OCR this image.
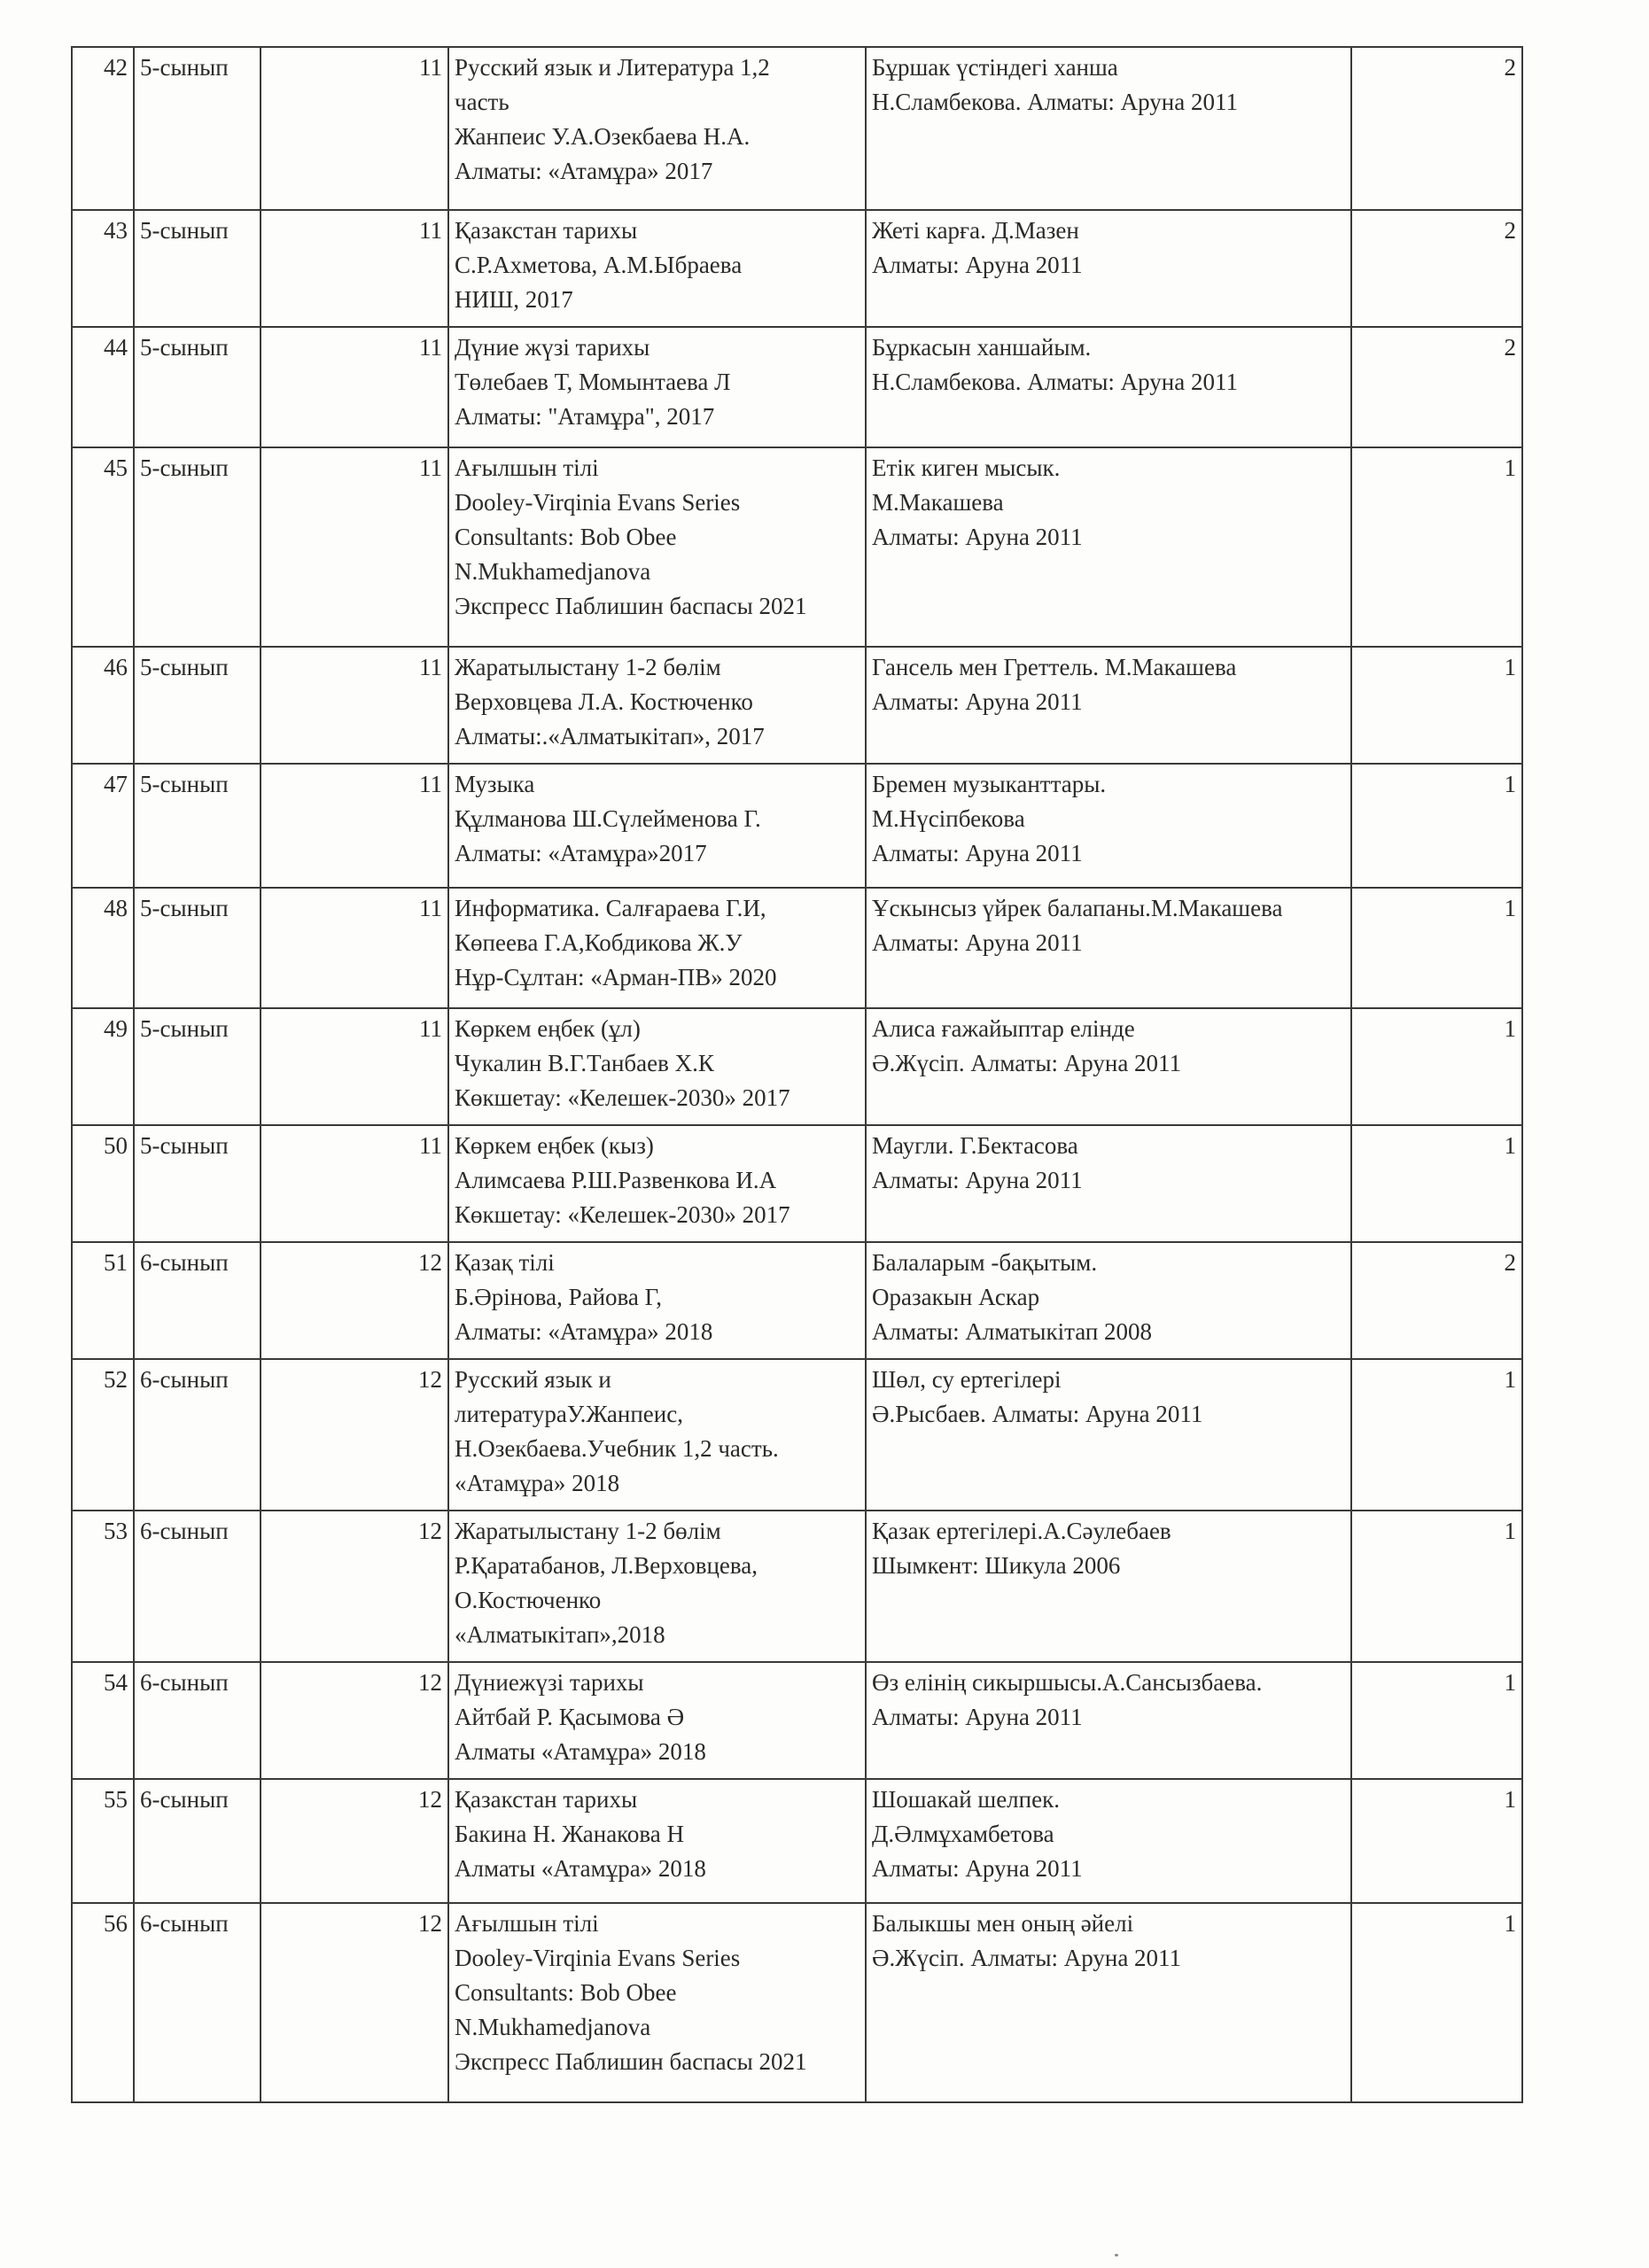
42	5-сынып	11	Русский язык и Литература 1,2
часть
Жанпеис У.А.Озекбаева Н.А.
Алматы: «Атамұра» 2017	Бұршак үстіндегі ханша
Н.Сламбекова. Алматы: Аруна 2011	2
43	5-сынып	11	Қазакстан тарихы
С.Р.Ахметова, А.М.Ыбраева
НИШ, 2017	Жеті карға. Д.Мазен
Алматы: Аруна 2011	2
44	5-сынып	11	Дүние жүзі тарихы
Төлебаев Т, Момынтаева Л
Алматы: "Атамұра", 2017	Бұркасын ханшайым.
Н.Сламбекова. Алматы: Аруна 2011	2
45	5-сынып	11	Ағылшын тілі
Dooley-Virqinia Evans Series
Consultants: Bob Obee
N.Mukhamedjanova
Экспресс Паблишин баспасы 2021	Етік киген мысык.
М.Макашева
Алматы: Аруна 2011	1
46	5-сынып	11	Жаратылыстану 1-2 бөлім
Верховцева Л.А. Костюченко
Алматы:.«Алматыкітап», 2017	Гансель мен Греттель. М.Макашева
Алматы: Аруна 2011	1
47	5-сынып	11	Музыка
Құлманова Ш.Сүлейменова Г.
Алматы: «Атамұра»2017	Бремен музыканттары.
М.Нүсіпбекова
Алматы: Аруна 2011	1
48	5-сынып	11	Информатика. Салғараева Г.И,
Көпеева Г.А,Кобдикова Ж.У
Нұр-Сұлтан: «Арман-ПВ» 2020	Ұскынсыз үйрек балапаны.М.Макашева
Алматы: Аруна 2011	1
49	5-сынып	11	Көркем еңбек (ұл)
Чукалин В.Г.Танбаев Х.К
Көкшетау: «Келешек-2030» 2017	Алиса ғажайыптар елінде
Ә.Жүсіп. Алматы: Аруна 2011	1
50	5-сынып	11	Көркем еңбек (кыз)
Алимсаева Р.Ш.Развенкова И.А
Көкшетау: «Келешек-2030» 2017	Маугли. Г.Бектасова
Алматы: Аруна 2011	1
51	6-сынып	12	Қазақ тілі
Б.Әрінова, Райова Г,
Алматы: «Атамұра» 2018	Балаларым -бақытым.
Оразакын Аскар
Алматы: Алматыкітап 2008	2
52	6-сынып	12	Русский язык и
литератураУ.Жанпеис,
Н.Озекбаева.Учебник 1,2 часть.
«Атамұра» 2018	Шөл, су ертегілері
Ә.Рысбаев. Алматы: Аруна 2011	1
53	6-сынып	12	Жаратылыстану 1-2 бөлім
Р.Қаратабанов, Л.Верховцева,
О.Костюченко
«Алматыкітап»,2018	Қазак ертегілері.А.Сәулебаев
Шымкент: Шикула 2006	1
54	6-сынып	12	Дүниежүзі тарихы
Айтбай Р. Қасымова Ә
Алматы «Атамұра» 2018	Өз елінің сикыршысы.А.Сансызбаева.
Алматы: Аруна 2011	1
55	6-сынып	12	Қазакстан тарихы
Бакина Н. Жанакова Н
Алматы «Атамұра» 2018	Шошакай шелпек.
Д.Әлмұхамбетова
Алматы: Аруна 2011	1
56	6-сынып	12	Ағылшын тілі
Dooley-Virqinia Evans Series
Consultants: Bob Obee
N.Mukhamedjanova
Экспресс Паблишин баспасы 2021	Балыкшы мен оның әйелі
Ә.Жүсіп. Алматы: Аруна 2011	1
